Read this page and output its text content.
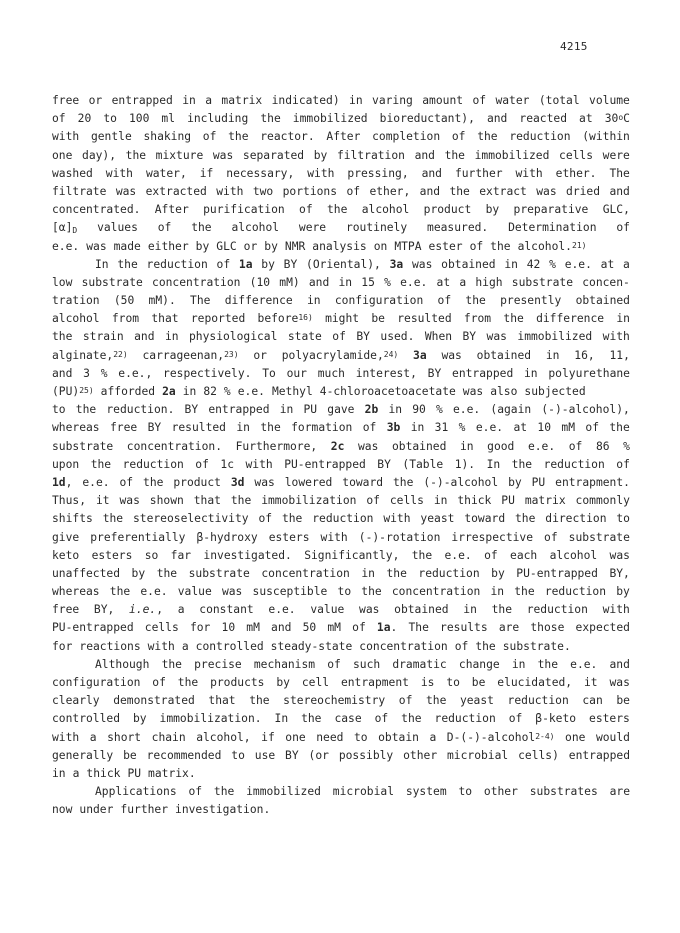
4215
free or entrapped in a matrix indicated) in varing amount of water (total volume
of 20 to 100 ml including the immobilized bioreductant), and reacted at 30$^o$C
with gentle shaking of the reactor. After completion of the reduction (within
one day), the mixture was separated by filtration and the immobilized cells were
washed with water, if necessary, with pressing, and further with ether. The
filtrate was extracted with two portions of ether, and the extract was dried and
concentrated. After purification of the alcohol product by preparative GLC,
$[\alpha]_D$ values of the alcohol were routinely measured. Determination of
e.e. was made either by GLC or by NMR analysis on MTPA ester of the alcohol.$^{21)}$
In the reduction of 1a by BY (Oriental), 3a was obtained in 42 % e.e. at a
low substrate concentration (10 mM) and in 15 % e.e. at a high substrate concen-
tration (50 mM). The difference in configuration of the presently obtained
alcohol from that reported before$^{16)}$ might be resulted from the difference in
the strain and in physiological state of BY used. When BY was immobilized with
alginate,$^{22)}$ carrageenan,$^{23)}$ or polyacrylamide,$^{24)}$ 3a was obtained in 16, 11,
and 3 % e.e., respectively. To our much interest, BY entrapped in polyurethane
(PU)$^{25)}$ afforded 2a in 82 % e.e. Methyl 4-chloroacetoacetate was also subjected
to the reduction. BY entrapped in PU gave 2b in 90 % e.e. (again (-)-alcohol),
whereas free BY resulted in the formation of 3b in 31 % e.e. at 10 mM of the
substrate concentration. Furthermore, 2c was obtained in good e.e. of 86 %
upon the reduction of 1c with PU-entrapped BY (Table 1). In the reduction of
1d, e.e. of the product 3d was lowered toward the (-)-alcohol by PU entrapment.
Thus, it was shown that the immobilization of cells in thick PU matrix commonly
shifts the stereoselectivity of the reduction with yeast toward the direction to
give preferentially β-hydroxy esters with (-)-rotation irrespective of substrate
keto esters so far investigated. Significantly, the e.e. of each alcohol was
unaffected by the substrate concentration in the reduction by PU-entrapped BY,
whereas the e.e. value was susceptible to the concentration in the reduction by
free BY, i.e., a constant e.e. value was obtained in the reduction with
PU-entrapped cells for 10 mM and 50 mM of 1a. The results are those expected
for reactions with a controlled steady-state concentration of the substrate.
Although the precise mechanism of such dramatic change in the e.e. and
configuration of the products by cell entrapment is to be elucidated, it was
clearly demonstrated that the stereochemistry of the yeast reduction can be
controlled by immobilization. In the case of the reduction of β-keto esters
with a short chain alcohol, if one need to obtain a D-(-)-alcohol$^{2-4)}$ one would
generally be recommended to use BY (or possibly other microbial cells) entrapped
in a thick PU matrix.
Applications of the immobilized microbial system to other substrates are
now under further investigation.
